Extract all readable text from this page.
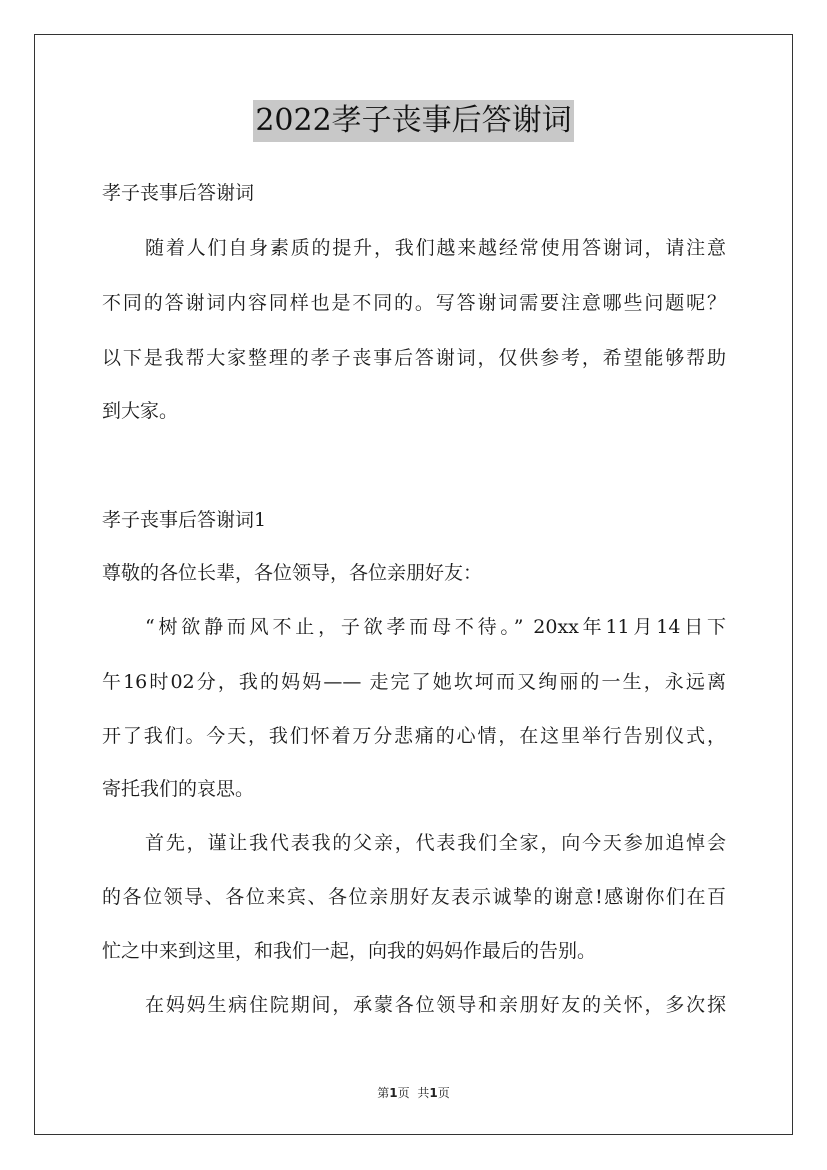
2022孝子丧事后答谢词
孝子丧事后答谢词
随着人们自身素质的提升，我们越来越经常使用答谢词，请注意
不同的答谢词内容同样也是不同的。写答谢词需要注意哪些问题呢？
以下是我帮大家整理的孝子丧事后答谢词，仅供参考，希望能够帮助
到大家。
孝子丧事后答谢词1
尊敬的各位长辈，各位领导，各位亲朋好友：
“树欲静而风不止，子欲孝而母不待。” 20xx年11月14日下
午16时02分，我的妈妈—— 走完了她坎坷而又绚丽的一生，永远离
开了我们。今天，我们怀着万分悲痛的心情，在这里举行告别仪式，
寄托我们的哀思。
首先，谨让我代表我的父亲，代表我们全家，向今天参加追悼会
的各位领导、各位来宾、各位亲朋好友表示诚挚的谢意!感谢你们在百
忙之中来到这里，和我们一起，向我的妈妈作最后的告别。
在妈妈生病住院期间，承蒙各位领导和亲朋好友的关怀，多次探
第1页 共1页
